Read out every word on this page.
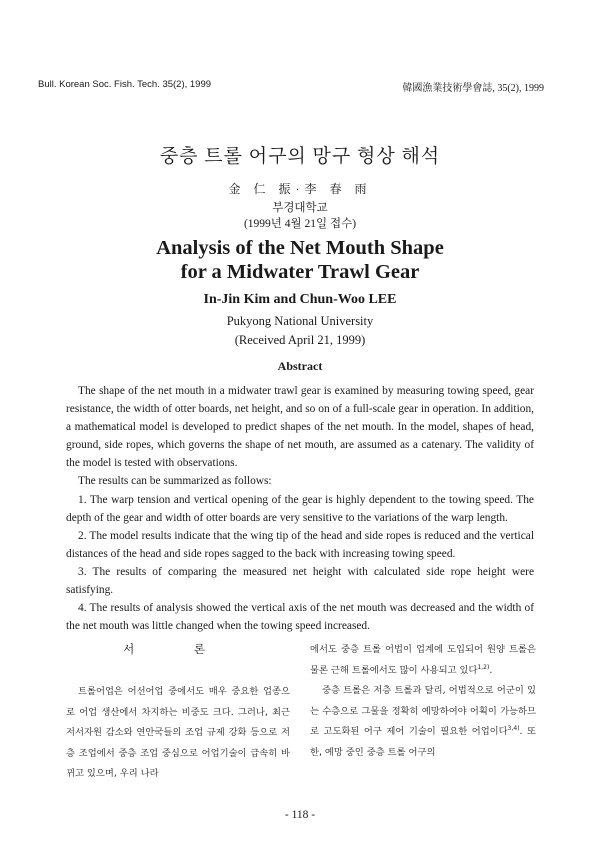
Bull. Korean Soc. Fish. Tech. 35(2), 1999	韓國漁業技術學會誌, 35(2), 1999
중층 트롤 어구의 망구 형상 해석
金 仁 振·李 春 雨
부경대학교
(1999년 4월 21일 접수)
Analysis of the Net Mouth Shape
for a Midwater Trawl Gear
In-Jin Kim and Chun-Woo LEE
Pukyong National University
(Received April 21, 1999)
Abstract

The shape of the net mouth in a midwater trawl gear is examined by measuring towing speed, gear resistance, the width of otter boards, net height, and so on of a full-scale gear in operation. In addition, a mathematical model is developed to predict shapes of the net mouth. In the model, shapes of head, ground, side ropes, which governs the shape of net mouth, are assumed as a catenary. The validity of the model is tested with observations.

The results can be summarized as follows:

1. The warp tension and vertical opening of the gear is highly dependent to the towing speed. The depth of the gear and width of otter boards are very sensitive to the variations of the warp length.

2. The model results indicate that the wing tip of the head and side ropes is reduced and the vertical distances of the head and side ropes sagged to the back with increasing towing speed.

3. The results of comparing the measured net height with calculated side rope height were satisfying.

4. The results of analysis showed the vertical axis of the net mouth was decreased and the width of the net mouth was little changed when the towing speed increased.

서 론

트롤어업은 어선어업 중에서도 매우 중요한 업종으로 어업 생산에서 차지하는 비중도 크다. 그러나, 최근 저서자원 감소와 연안국들의 조업 규제 강화 등으로 저층 조업에서 중층 조업 중심으로 어업기술이 급속히 바뀌고 있으며, 우리 나라

에서도 중층 트롤 어법이 업계에 도입되어 원양 트롤은 물론 근해 트롤에서도 많이 사용되고 있다$^{1,2)}$.

중층 트롤은 저층 트롤과 달리, 어법적으로 어군이 있는 수층으로 그물을 정확히 예망하여야 어획이 가능하므로 고도화된 어구 제어 기술이 필요한 어업이다$^{3,4)}$. 또한, 예망 중인 중층 트롤 어구의

- 118 -
